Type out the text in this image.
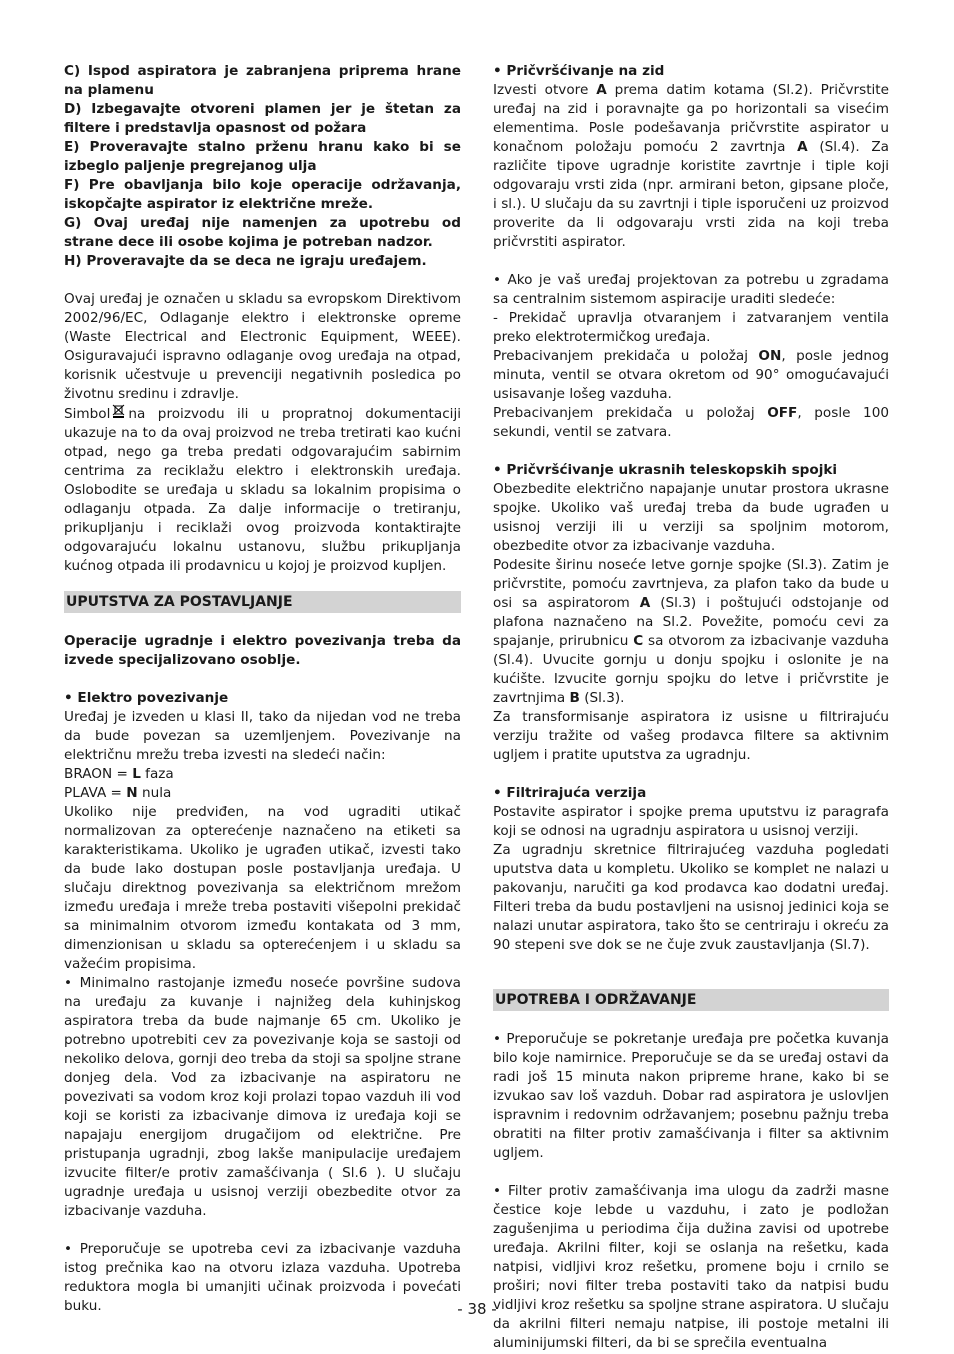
C) Ispod aspiratora je zabranjena priprema hrane na plamenu

D) Izbegavajte otvoreni plamen jer je štetan za filtere i predstavlja opasnost od požara

E) Proveravajte stalno prženu hranu kako bi se izbeglo paljenje pregrejanog ulja

F) Pre obavljanja bilo koje operacije održavanja, iskopčajte aspirator iz električne mreže.

G) Ovaj uređaj nije namenjen za upotrebu od strane dece ili osobe kojima je potreban nadzor.

H) Proveravajte da se deca ne igraju uređajem.

Ovaj uređaj je označen u skladu sa evropskom Direktivom 2002/96/EC, Odlaganje elektro i elektronske opreme (Waste Electrical and Electronic Equipment, WEEE). Osiguravajući ispravno odlaganje ovog uređaja na otpad, korisnik učestvuje u prevenciji negativnih posledica po životnu sredinu i zdravlje.

Simbol na proizvodu ili u propratnoj dokumentaciji ukazuje na to da ovaj proizvod ne treba tretirati kao kućni otpad, nego ga treba predati odgovarajućim sabirnim centrima za reciklažu elektro i elektronskih uređaja. Oslobodite se uređaja u skladu sa lokalnim propisima o odlaganju otpada. Za dalje informacije o tretiranju, prikupljanju i reciklaži ovog proizvoda kontaktirajte odgovarajuću lokalnu ustanovu, službu prikupljanja kućnog otpada ili prodavnicu u kojoj je proizvod kupljen.

UPUTSTVA ZA POSTAVLJANJE

Operacije ugradnje i elektro povezivanja treba da izvede specijalizovano osoblje.

• Elektro povezivanje

Uređaj je izveden u klasi II, tako da nijedan vod ne treba da bude povezan sa uzemljenjem. Povezivanje na električnu mrežu treba izvesti na sledeći način:

BRAON = L faza

PLAVA = N nula

Ukoliko nije predviđen, na vod ugraditi utikač normalizovan za opterećenje naznačeno na etiketi sa karakteristikama. Ukoliko je ugrađen utikač, izvesti tako da bude lako dostupan posle postavljanja uređaja. U slučaju direktnog povezivanja sa električnom mrežom između uređaja i mreže treba postaviti višepolni prekidač sa minimalnim otvorom između kontakata od 3 mm, dimenzionisan u skladu sa opterećenjem i u skladu sa važećim propisima.

• Minimalno rastojanje između noseće površine sudova na uređaju za kuvanje i najnižeg dela kuhinjskog aspiratora treba da bude najmanje 65 cm. Ukoliko je potrebno upotrebiti cev za povezivanje koja se sastoji od nekoliko delova, gornji deo treba da stoji sa spoljne strane donjeg dela. Vod za izbacivanje na aspiratoru ne povezivati sa vodom kroz koji prolazi topao vazduh ili vod koji se koristi za izbacivanje dimova iz uređaja koji se napajaju energijom drugačijom od električne. Pre pristupanja ugradnji, zbog lakše manipulacije uređajem izvucite filter/e protiv zamašćivanja ( Sl.6 ). U slučaju ugradnje uređaja u usisnoj verziji obezbedite otvor za izbacivanje vazduha.

• Preporučuje se upotreba cevi za izbacivanje vazduha istog prečnika kao na otvoru izlaza vazduha. Upotreba reduktora mogla bi umanjiti učinak proizvoda i povećati buku.

• Pričvršćivanje na zid

Izvesti otvore A prema datim kotama (Sl.2). Pričvrstite uređaj na zid i poravnajte ga po horizontali sa visećim elementima. Posle podešavanja pričvrstite aspirator u konačnom položaju pomoću 2 zavrtnja A (Sl.4). Za različite tipove ugradnje koristite zavrtnje i tiple koji odgovaraju vrsti zida (npr. armirani beton, gipsane ploče, i sl.). U slučaju da su zavrtnji i tiple isporučeni uz proizvod proverite da li odgovaraju vrsti zida na koji treba pričvrstiti aspirator.

• Ako je vaš uređaj projektovan za potrebu u zgradama sa centralnim sistemom aspiracije uraditi sledeće:

- Prekidač upravlja otvaranjem i zatvaranjem ventila preko elektrotermičkog uređaja.

Prebacivanjem prekidača u položaj ON, posle jednog minuta, ventil se otvara okretom od 90° omogućavajući usisavanje lošeg vazduha.

Prebacivanjem prekidača u položaj OFF, posle 100 sekundi, ventil se zatvara.

• Pričvršćivanje ukrasnih teleskopskih spojki

Obezbedite električno napajanje unutar prostora ukrasne spojke. Ukoliko vaš uređaj treba da bude ugrađen u usisnoj verziji ili u verziji sa spoljnim motorom, obezbedite otvor za izbacivanje vazduha.

Podesite širinu noseće letve gornje spojke (Sl.3). Zatim je pričvrstite, pomoću zavrtnjeva, za plafon tako da bude u osi sa aspiratorom A (Sl.3) i poštujući odstojanje od plafona naznačeno na Sl.2. Povežite, pomoću cevi za spajanje, prirubnicu C sa otvorom za izbacivanje vazduha (Sl.4). Uvucite gornju u donju spojku i oslonite je na kućište. Izvucite gornju spojku do letve i pričvrstite je zavrtnjima B (Sl.3).

Za transformisanje aspiratora iz usisne u filtrirajuću verziju tražite od vašeg prodavca filtere sa aktivnim ugljem i pratite uputstva za ugradnju.

• Filtrirajuća verzija

Postavite aspirator i spojke prema uputstvu iz paragrafa koji se odnosi na ugradnju aspiratora u usisnoj verziji.

Za ugradnju skretnice filtrirajućeg vazduha pogledati uputstva data u kompletu. Ukoliko se komplet ne nalazi u pakovanju, naručiti ga kod prodavca kao dodatni uređaj. Filteri treba da budu postavljeni na usisnoj jedinici koja se nalazi unutar aspiratora, tako što se centriraju i okreću za 90 stepeni sve dok se ne čuje zvuk zaustavljanja (Sl.7).

UPOTREBA I ODRŽAVANJE

• Preporučuje se pokretanje uređaja pre početka kuvanja bilo koje namirnice. Preporučuje se da se uređaj ostavi da radi još 15 minuta nakon pripreme hrane, kako bi se izvukao sav loš vazduh. Dobar rad aspiratora je uslovljen ispravnim i redovnim održavanjem; posebnu pažnju treba obratiti na filter protiv zamašćivanja i filter sa aktivnim ugljem.

• Filter protiv zamašćivanja ima ulogu da zadrži masne čestice koje lebde u vazduhu, i zato je podložan zagušenjima u periodima čija dužina zavisi od upotrebe uređaja. Akrilni filter, koji se oslanja na rešetku, kada natpisi, vidljivi kroz rešetku, promene boju i crnilo se proširi; novi filter treba postaviti tako da natpisi budu vidljivi kroz rešetku sa spoljne strane aspiratora. U slučaju da akrilni filteri nemaju natpise, ili postoje metalni ili aluminijumski filteri, da bi se sprečila eventualna

- 38 -
